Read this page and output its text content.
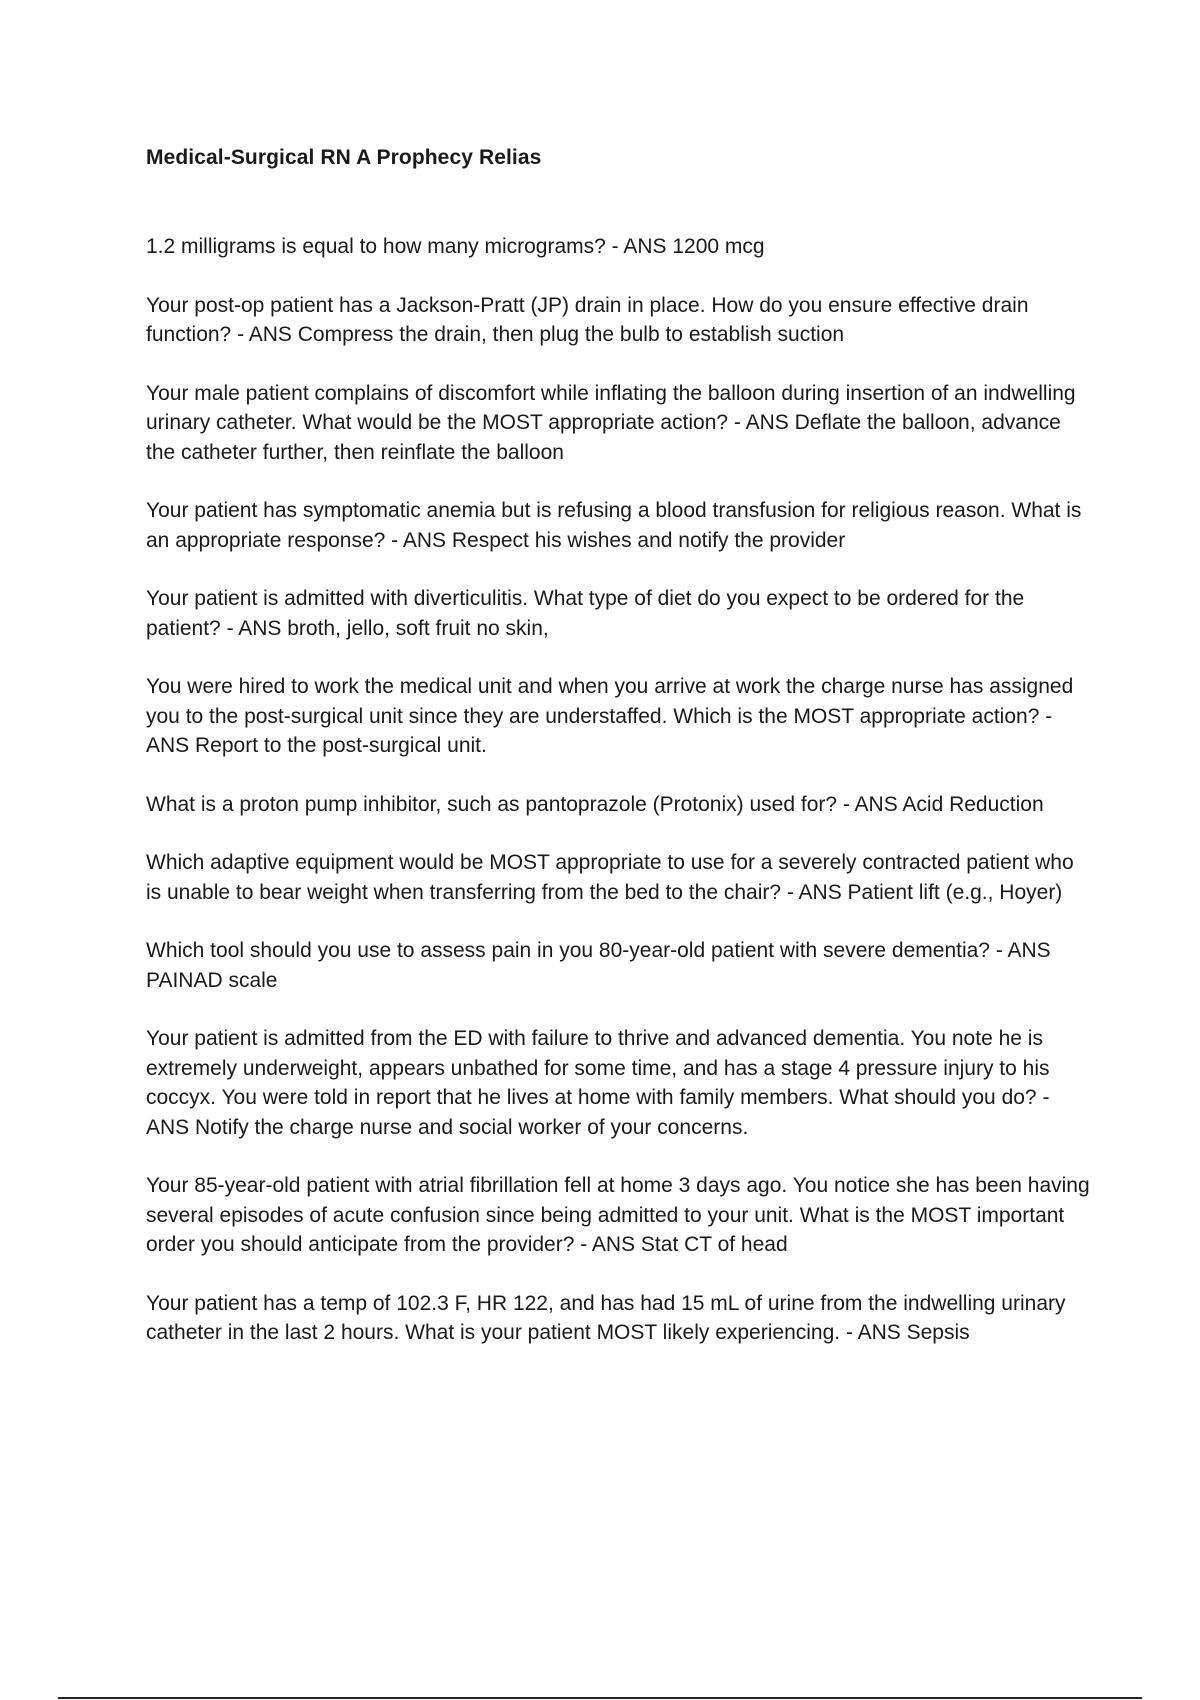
Medical-Surgical RN A Prophecy Relias

1.2 milligrams is equal to how many micrograms? - ANS 1200 mcg

Your post-op patient has a Jackson-Pratt (JP) drain in place. How do you ensure effective drain function? - ANS Compress the drain, then plug the bulb to establish suction

Your male patient complains of discomfort while inflating the balloon during insertion of an indwelling urinary catheter. What would be the MOST appropriate action? - ANS Deflate the balloon, advance the catheter further, then reinflate the balloon

Your patient has symptomatic anemia but is refusing a blood transfusion for religious reason. What is an appropriate response? - ANS Respect his wishes and notify the provider

Your patient is admitted with diverticulitis. What type of diet do you expect to be ordered for the patient? - ANS broth, jello, soft fruit no skin,

You were hired to work the medical unit and when you arrive at work the charge nurse has assigned you to the post-surgical unit since they are understaffed. Which is the MOST appropriate action? - ANS Report to the post-surgical unit.

What is a proton pump inhibitor, such as pantoprazole (Protonix) used for? - ANS Acid Reduction

Which adaptive equipment would be MOST appropriate to use for a severely contracted patient who is unable to bear weight when transferring from the bed to the chair? - ANS Patient lift (e.g., Hoyer)

Which tool should you use to assess pain in you 80-year-old patient with severe dementia? - ANS PAINAD scale

Your patient is admitted from the ED with failure to thrive and advanced dementia. You note he is extremely underweight, appears unbathed for some time, and has a stage 4 pressure injury to his coccyx. You were told in report that he lives at home with family members. What should you do? - ANS Notify the charge nurse and social worker of your concerns.

Your 85-year-old patient with atrial fibrillation fell at home 3 days ago. You notice she has been having several episodes of acute confusion since being admitted to your unit. What is the MOST important order you should anticipate from the provider? - ANS Stat CT of head

Your patient has a temp of 102.3 F, HR 122, and has had 15 mL of urine from the indwelling urinary catheter in the last 2 hours. What is your patient MOST likely experiencing. - ANS Sepsis
